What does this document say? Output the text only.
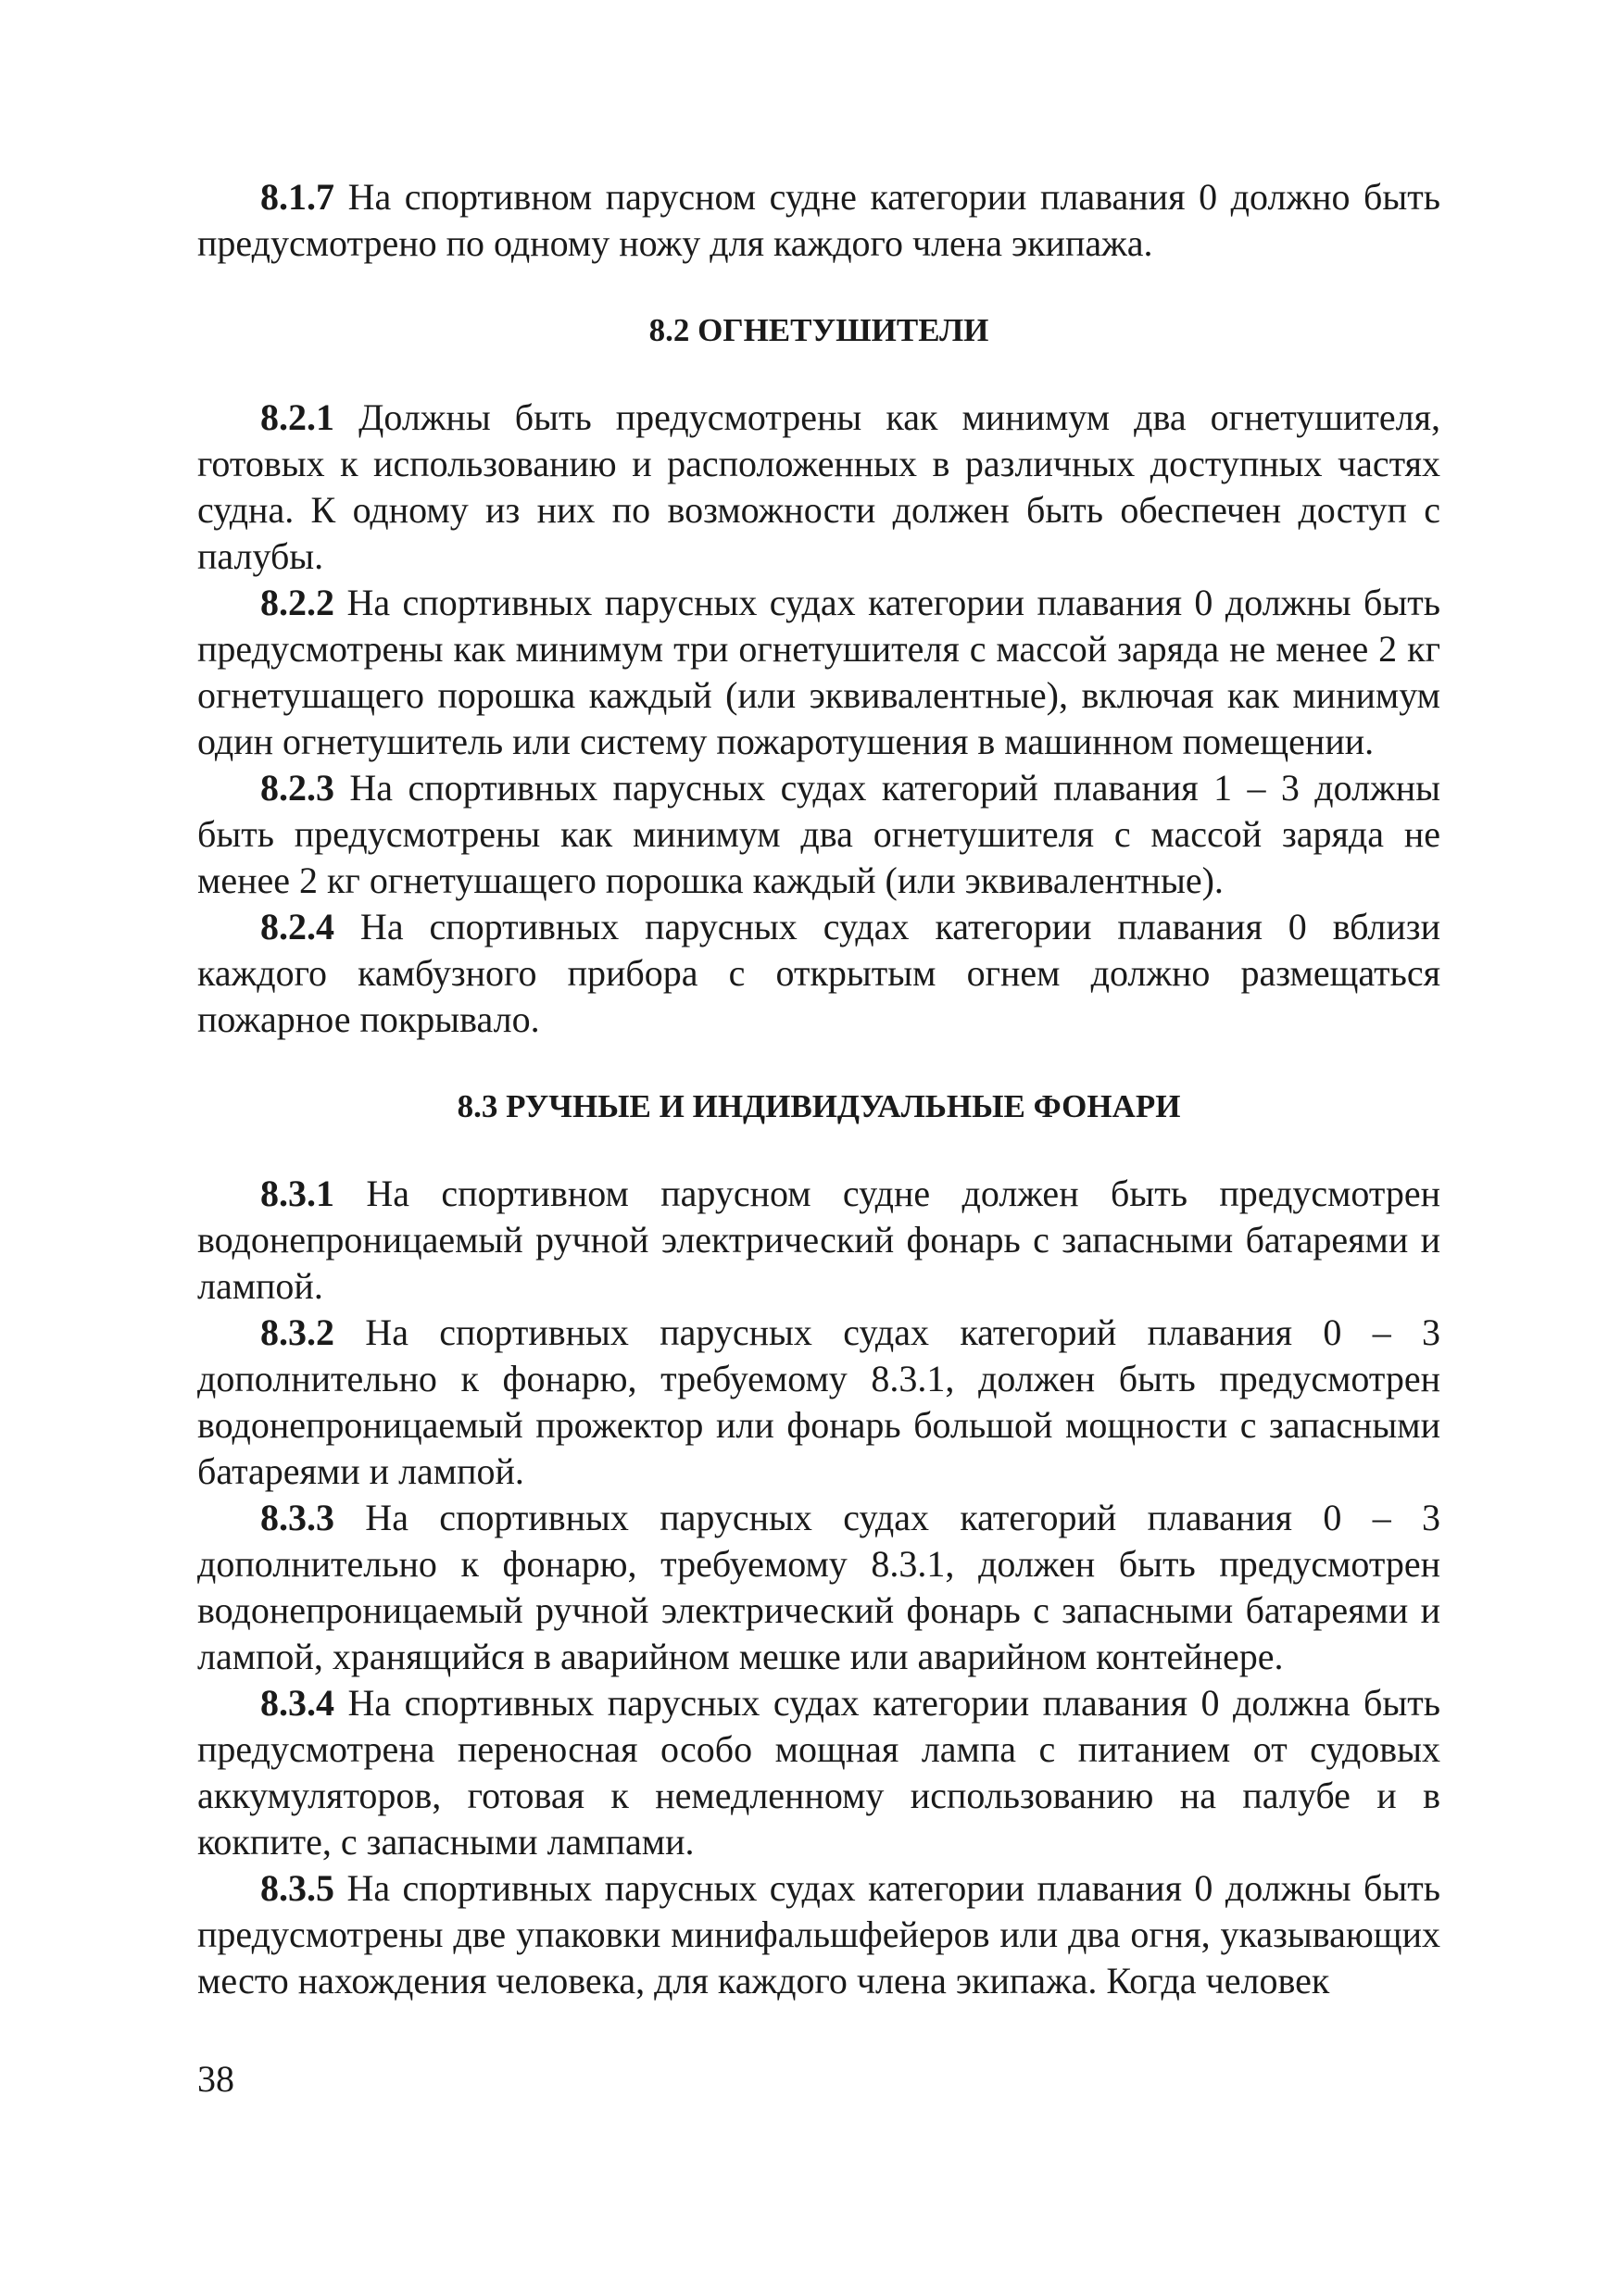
8.1.7 На спортивном парусном судне категории плавания 0 должно быть предусмотрено по одному ножу для каждого члена экипажа.

8.2 ОГНЕТУШИТЕЛИ

8.2.1 Должны быть предусмотрены как минимум два огнетушителя, готовых к использованию и расположенных в различных доступных частях судна. К одному из них по возможности должен быть обеспечен доступ с палубы.

8.2.2 На спортивных парусных судах категории плавания 0 должны быть предусмотрены как минимум три огнетушителя с массой заряда не менее 2 кг огнетушащего порошка каждый (или эквивалентные), включая как минимум один огнетушитель или систему пожаротушения в машинном помещении.

8.2.3 На спортивных парусных судах категорий плавания 1 – 3 должны быть предусмотрены как минимум два огнетушителя с массой заряда не менее 2 кг огнетушащего порошка каждый (или эквивалентные).

8.2.4 На спортивных парусных судах категории плавания 0 вблизи каждого камбузного прибора с открытым огнем должно размещаться пожарное покрывало.

8.3 РУЧНЫЕ И ИНДИВИДУАЛЬНЫЕ ФОНАРИ

8.3.1 На спортивном парусном судне должен быть предусмотрен водонепроницаемый ручной электрический фонарь с запасными батареями и лампой.

8.3.2 На спортивных парусных судах категорий плавания 0 – 3 дополнительно к фонарю, требуемому 8.3.1, должен быть предусмотрен водонепроницаемый прожектор или фонарь большой мощности с запасными батареями и лампой.

8.3.3 На спортивных парусных судах категорий плавания 0 – 3 дополнительно к фонарю, требуемому 8.3.1, должен быть предусмотрен водонепроницаемый ручной электрический фонарь с запасными батареями и лампой, хранящийся в аварийном мешке или аварийном контейнере.

8.3.4 На спортивных парусных судах категории плавания 0 должна быть предусмотрена переносная особо мощная лампа с питанием от судовых аккумуляторов, готовая к немедленному использованию на палубе и в кокпите, с запасными лампами.

8.3.5 На спортивных парусных судах категории плавания 0 должны быть предусмотрены две упаковки минифальшфейеров или два огня, указывающих место нахождения человека, для каждого члена экипажа. Когда человек

38
